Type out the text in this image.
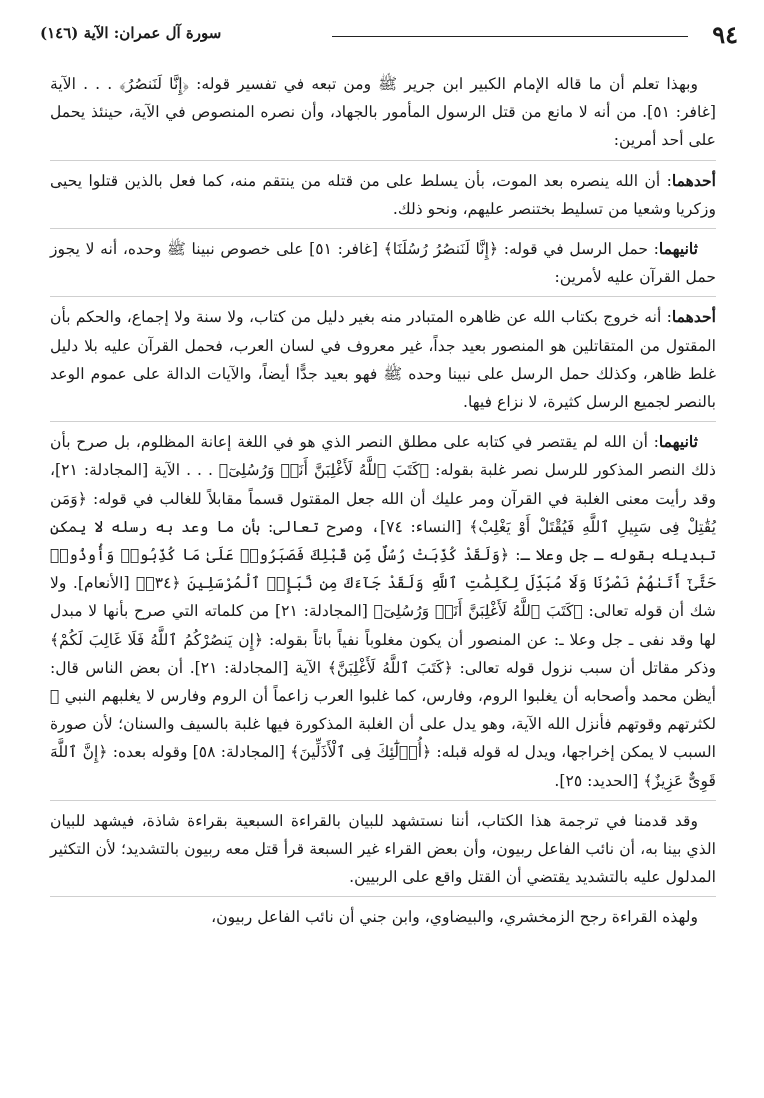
٩٤
سورة آل عمران: الآية (١٤٦)

وبهذا تعلم أن ما قاله الإمام الكبير ابن جرير ﷺ ومن تبعه في تفسير قوله: ﴿إِنَّا لَنَنصُرُ﴾ . . . الآية [غافر: ٥١]. من أنه لا مانع من قتل الرسول المأمور بالجهاد، وأن نصره المنصوص في الآية، حينئذ يحمل على أحد أمرين:

أحدهما: أن الله ينصره بعد الموت، بأن يسلط على من قتله من ينتقم منه، كما فعل بالذين قتلوا يحيى وزكريا وشعيا من تسليط بختنصر عليهم، ونحو ذلك.

ثانيهما: حمل الرسل في قوله: ﴿إِنَّا لَنَنصُرُ رُسُلَنَا﴾ [غافر: ٥١] على خصوص نبينا ﷺ وحده، أنه لا يجوز حمل القرآن عليه لأمرين:

أحدهما: أنه خروج بكتاب الله عن ظاهره المتبادر منه بغير دليل من كتاب، ولا سنة ولا إجماع، والحكم بأن المقتول من المتقاتلين هو المنصور بعيد جداً، غير معروف في لسان العرب، فحمل القرآن عليه بلا دليل غلط ظاهر، وكذلك حمل الرسل على نبينا وحده ﷺ فهو بعيد جدًّا أيضاً، والآيات الدالة على عموم الوعد بالنصر لجميع الرسل كثيرة، لا نزاع فيها.

ثانيهما: أن الله لم يقتصر في كتابه على مطلق النصر الذي هو في اللغة إعانة المظلوم، بل صرح بأن ذلك النصر المذكور للرسل نصر غلبة بقوله: ﴿كَتَبَ ٱللَّهُ لَأَغْلِبَنَّ أَنَا۠ وَرُسُلِىٓ﴾ . . . الآية [المجادلة: ٢١]، وقد رأيت معنى الغلبة في القرآن ومر عليك أن الله جعل المقتول قسماً مقابلاً للغالب في قوله: ﴿وَمَن يُقَٰتِلْ فِى سَبِيلِ ٱللَّهِ فَيُقْتَلْ أَوْ يَغْلِبْ﴾ [النساء: ٧٤]، وصرح تعالى: بأن ما وعد به رسله لا يمكن تبديله بقوله ـ جل وعلا ـ: ﴿وَلَقَدْ كُذِّبَتْ رُسُلٌ مِّن قَبْلِكَ فَصَبَرُوا۟ عَلَىٰ مَا كُذِّبُوا۟ وَأُوذُوا۟ حَتَّىٰٓ أَتَىٰهُمْ نَصْرُنَا وَلَا مُبَدِّلَ لِكَلِمَٰتِ ٱللَّهِ وَلَقَدْ جَآءَكَ مِن نَّبَإِى۟ ٱلْمُرْسَلِينَ ﴿٣٤﴾﴾ [الأنعام]. ولا شك أن قوله تعالى: ﴿كَتَبَ ٱللَّهُ لَأَغْلِبَنَّ أَنَا۠ وَرُسُلِىٓ﴾ [المجادلة: ٢١] من كلماته التي صرح بأنها لا مبدل لها وقد نفى ـ جل وعلا ـ: عن المنصور أن يكون مغلوباً نفياً باتاً بقوله: ﴿إِن يَنصُرْكُمُ ٱللَّهُ فَلَا غَالِبَ لَكُمْ﴾ وذكر مقاتل أن سبب نزول قوله تعالى: ﴿كَتَبَ ٱللَّهُ لَأَغْلِبَنَّ﴾ الآية [المجادلة: ٢١]. أن بعض الناس قال: أيظن محمد وأصحابه أن يغلبوا الروم، وفارس، كما غلبوا العرب زاعماً أن الروم وفارس لا يغلبهم النبي ﷺ لكثرتهم وقوتهم فأنزل الله الآية، وهو يدل على أن الغلبة المذكورة فيها غلبة بالسيف والسنان؛ لأن صورة السبب لا يمكن إخراجها، ويدل له قوله قبله: ﴿أُو۟لَٰٓئِكَ فِى ٱلْأَذَلِّينَ﴾ [المجادلة: ٥٨] وقوله بعده: ﴿إِنَّ ٱللَّهَ قَوِىٌّ عَزِيزٌ﴾ [الحديد: ٢٥].

وقد قدمنا في ترجمة هذا الكتاب، أننا نستشهد للبيان بالقراءة السبعية بقراءة شاذة، فيشهد للبيان الذي بينا به، أن نائب الفاعل ربيون، وأن بعض القراء غير السبعة قرأ قتل معه ربيون بالتشديد؛ لأن التكثير المدلول عليه بالتشديد يقتضي أن القتل واقع على الربيين.

ولهذه القراءة رجح الزمخشري، والبيضاوي، وابن جني أن نائب الفاعل ربيون،
